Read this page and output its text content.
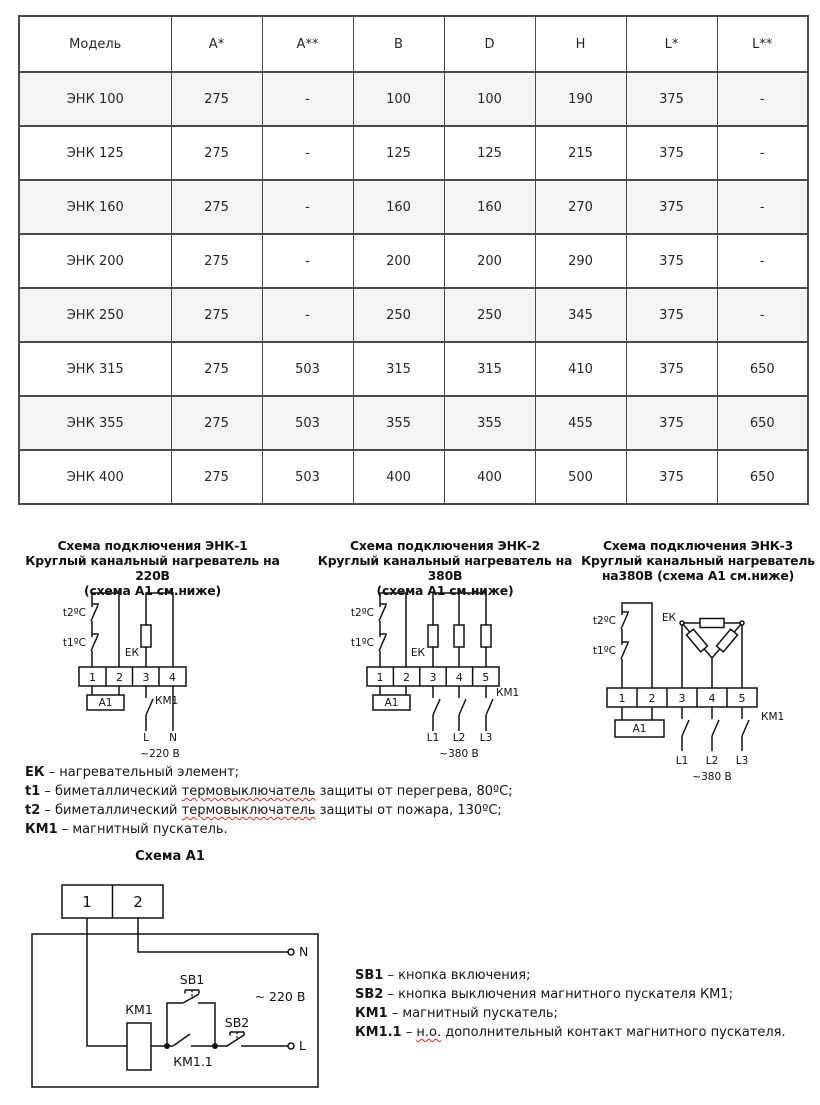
Модель	A*	A**	B	D	H	L*	L**
ЭНК 100	275	-	100	100	190	375	-
ЭНК 125	275	-	125	125	215	375	-
ЭНК 160	275	-	160	160	270	375	-
ЭНК 200	275	-	200	200	290	375	-
ЭНК 250	275	-	250	250	345	375	-
ЭНК 315	275	503	315	315	410	375	650
ЭНК 355	275	503	355	355	455	375	650
ЭНК 400	275	503	400	400	500	375	650
Схема подключения ЭНК-1
Круглый канальный нагреватель на 220В
(схема А1 см.ниже)
Схема подключения ЭНК-2
Круглый канальный нагреватель на 380В
(схема А1 см.ниже)
Схема подключения ЭНК-3
Круглый канальный нагреватель
на380В (схема А1 см.ниже)
t2ºC
t1ºC
ЕК
1 2 3 4
А1	КМ1
L N
~220 В
t2ºC
t1ºC
ЕК
1 2 3 4 5
А1
КМ1
L1 L2 L3
~380 В
t2ºC
t1ºC
ЕК
1 2 3 4 5
А1
КМ1
L1 L2 L3
~380 В
ЕК – нагревательный элемент;
t1 – биметаллический термовыключатель защиты от перегрева, 80ºС;
t2 – биметаллический термовыключатель защиты от пожара, 130ºС;
КМ1 – магнитный пускатель.
Схема А1
1	2
N
КМ1
КМ1.1
SB1
SB2
L
~ 220 В
SB1 – кнопка включения;
SB2 – кнопка выключения магнитного пускателя КМ1;
КМ1 – магнитный пускатель;
КМ1.1 – н.о. дополнительный контакт магнитного пускателя.
